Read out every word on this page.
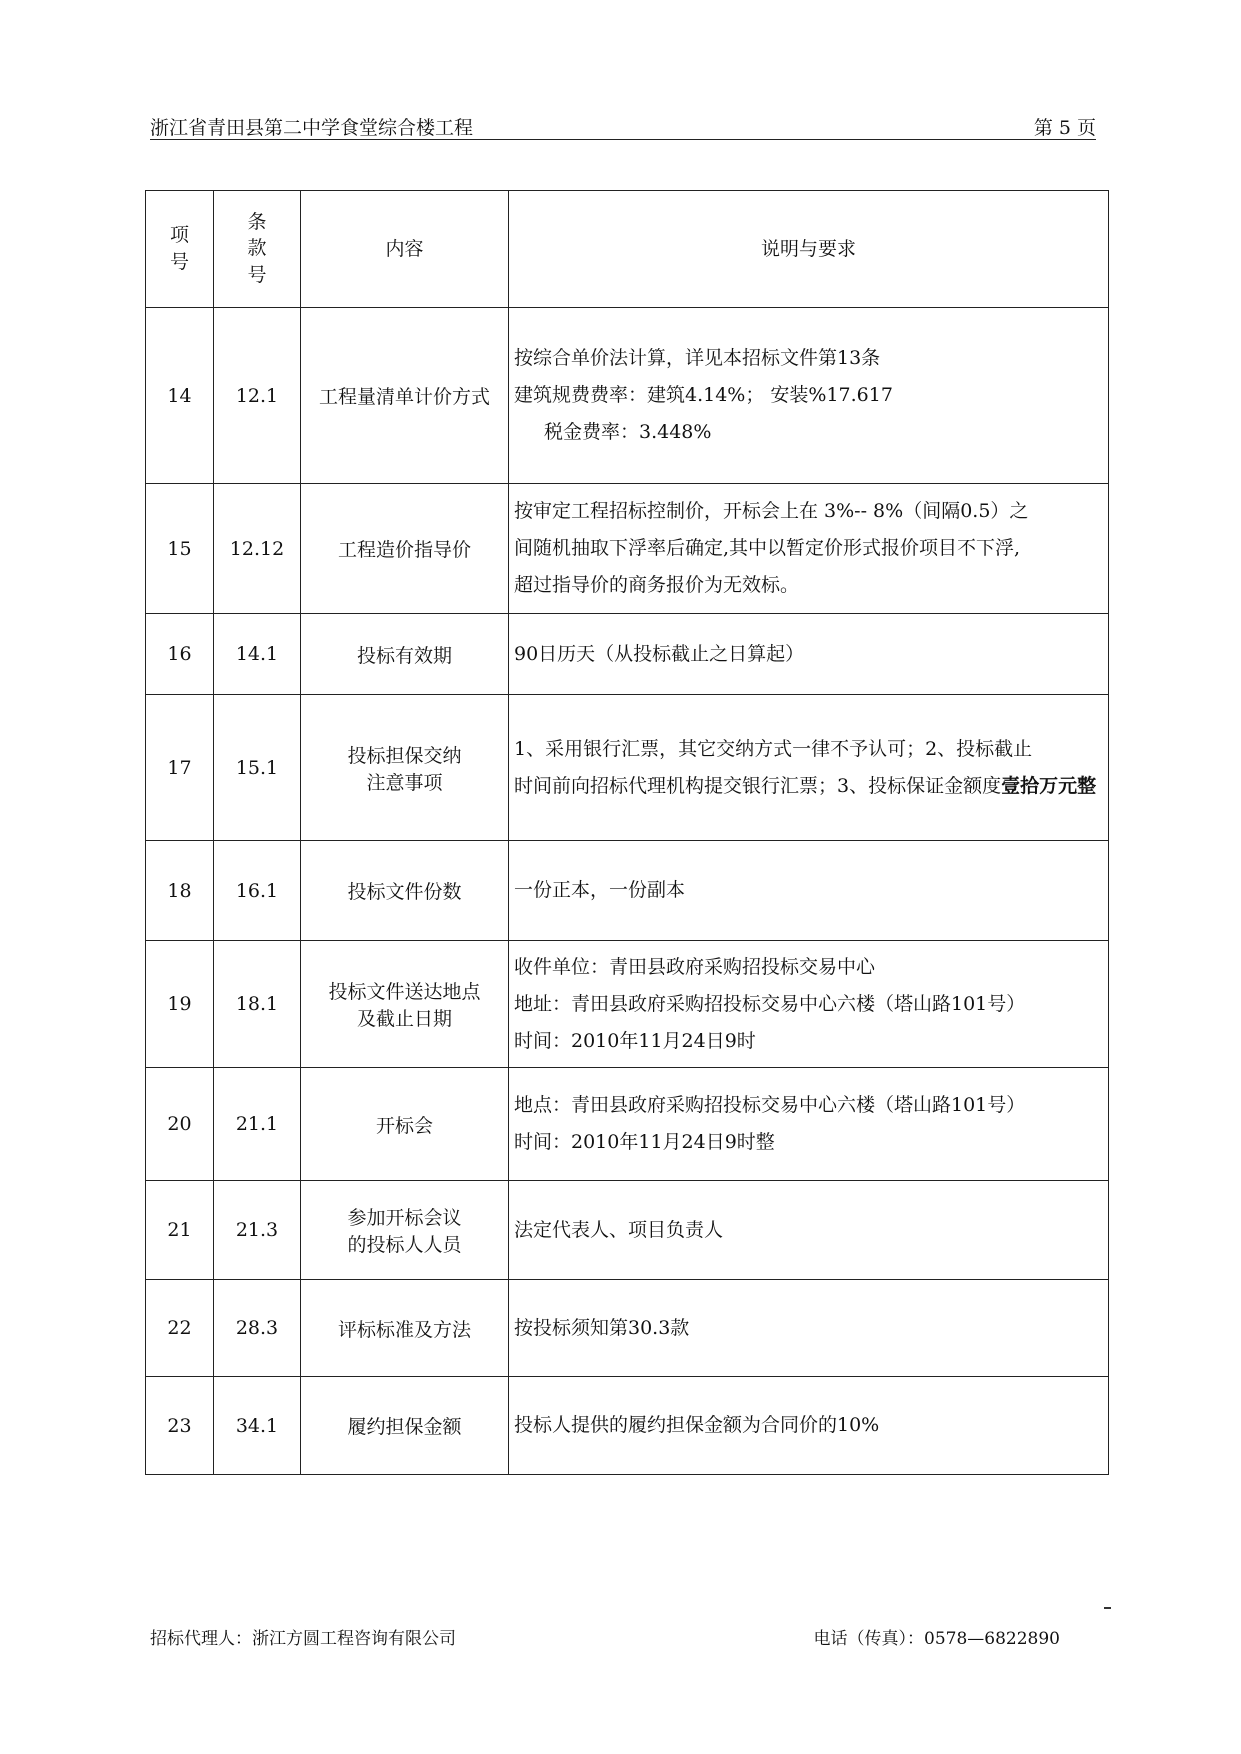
浙江省青田县第二中学食堂综合楼工程	第 5 页
项号	条款号	内容	说明与要求
14	12.1	工程量清单计价方式	按综合单价法计算，详见本招标文件第13条
建筑规费费率：建筑4.14%； 安装%17.617
税金费率：3.448%

15	12.12	工程造价指导价	按审定工程招标控制价，开标会上在 3%-- 8%（间隔0.5）之
间随机抽取下浮率后确定,其中以暂定价形式报价项目不下浮,
超过指导价的商务报价为无效标。

16	14.1	投标有效期	90日历天（从投标截止之日算起）

17	15.1	投标担保交纳
注意事项	1、采用银行汇票，其它交纳方式一律不予认可；2、投标截止
时间前向招标代理机构提交银行汇票；3、投标保证金额度壹拾万元整

18	16.1	投标文件份数	一份正本，一份副本

19	18.1	投标文件送达地点
及截止日期	收件单位：青田县政府采购招投标交易中心
地址：青田县政府采购招投标交易中心六楼（塔山路101号）
时间：2010年11月24日9时

20	21.1	开标会	地点：青田县政府采购招投标交易中心六楼（塔山路101号）
时间：2010年11月24日9时整

21	21.3	参加开标会议
的投标人人员	法定代表人、项目负责人

22	28.3	评标标准及方法	按投标须知第30.3款

23	34.1	履约担保金额	投标人提供的履约担保金额为合同价的10%
招标代理人：浙江方圆工程咨询有限公司	电话（传真）：0578—6822890
